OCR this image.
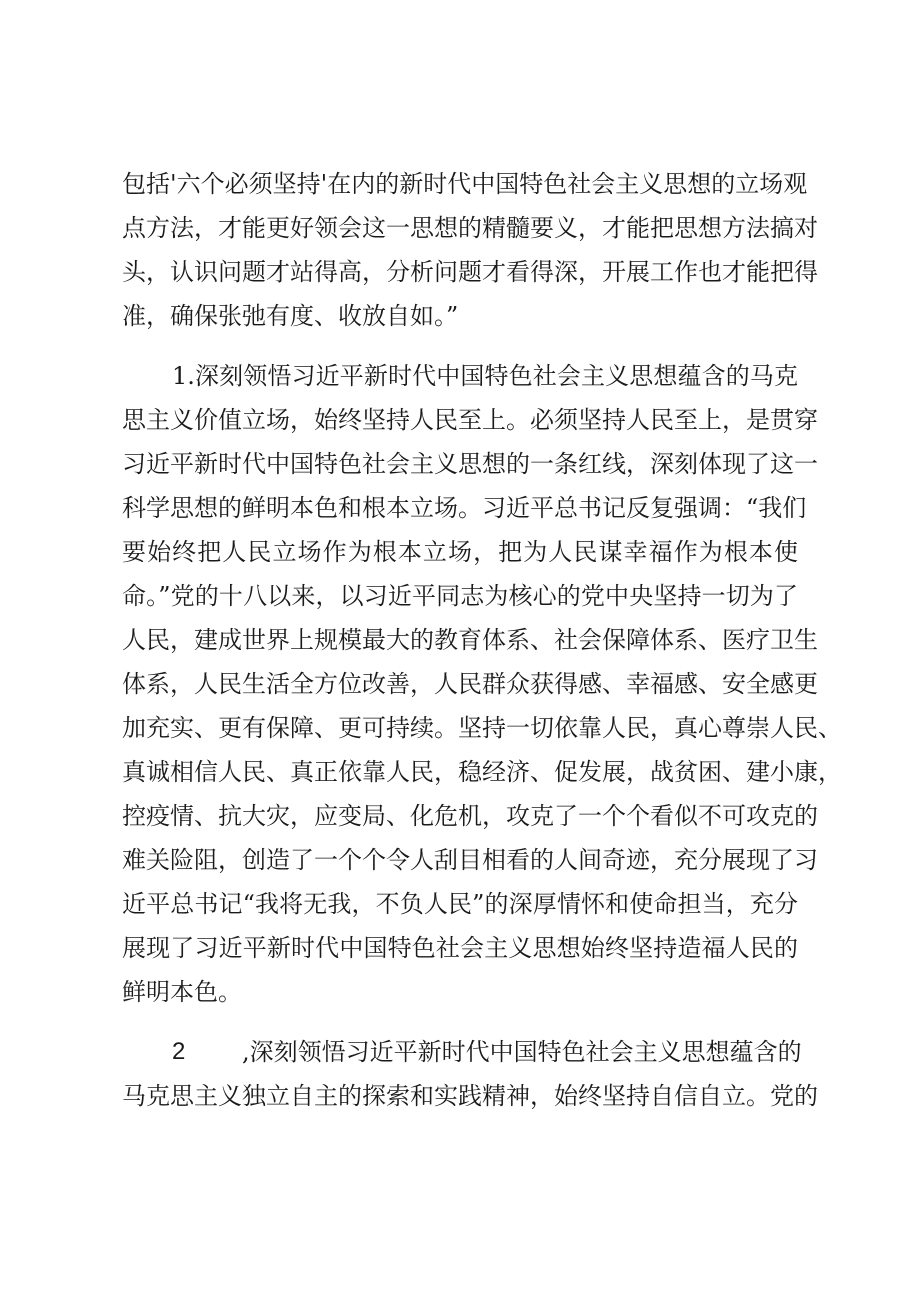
包括'六个必须坚持'在内的新时代中国特色社会主义思想的立场观
点方法，才能更好领会这一思想的精髓要义，才能把思想方法搞对
头，认识问题才站得高，分析问题才看得深，开展工作也才能把得
准，确保张弛有度、收放自如。”
1.深刻领悟习近平新时代中国特色社会主义思想蕴含的马克
思主义价值立场，始终坚持人民至上。必须坚持人民至上，是贯穿
习近平新时代中国特色社会主义思想的一条红线，深刻体现了这一
科学思想的鲜明本色和根本立场。习近平总书记反复强调：“我们
要始终把人民立场作为根本立场，把为人民谋幸福作为根本使
命。”党的十八以来，以习近平同志为核心的党中央坚持一切为了
人民，建成世界上规模最大的教育体系、社会保障体系、医疗卫生
体系，人民生活全方位改善，人民群众获得感、幸福感、安全感更
加充实、更有保障、更可持续。坚持一切依靠人民，真心尊崇人民、
真诚相信人民、真正依靠人民，稳经济、促发展，战贫困、建小康，
控疫情、抗大灾，应变局、化危机，攻克了一个个看似不可攻克的
难关险阻，创造了一个个令人刮目相看的人间奇迹，充分展现了习
近平总书记“我将无我，不负人民”的深厚情怀和使命担当，充分
展现了习近平新时代中国特色社会主义思想始终坚持造福人民的
鲜明本色。
2 ,深刻领悟习近平新时代中国特色社会主义思想蕴含的
马克思主义独立自主的探索和实践精神，始终坚持自信自立。党的
